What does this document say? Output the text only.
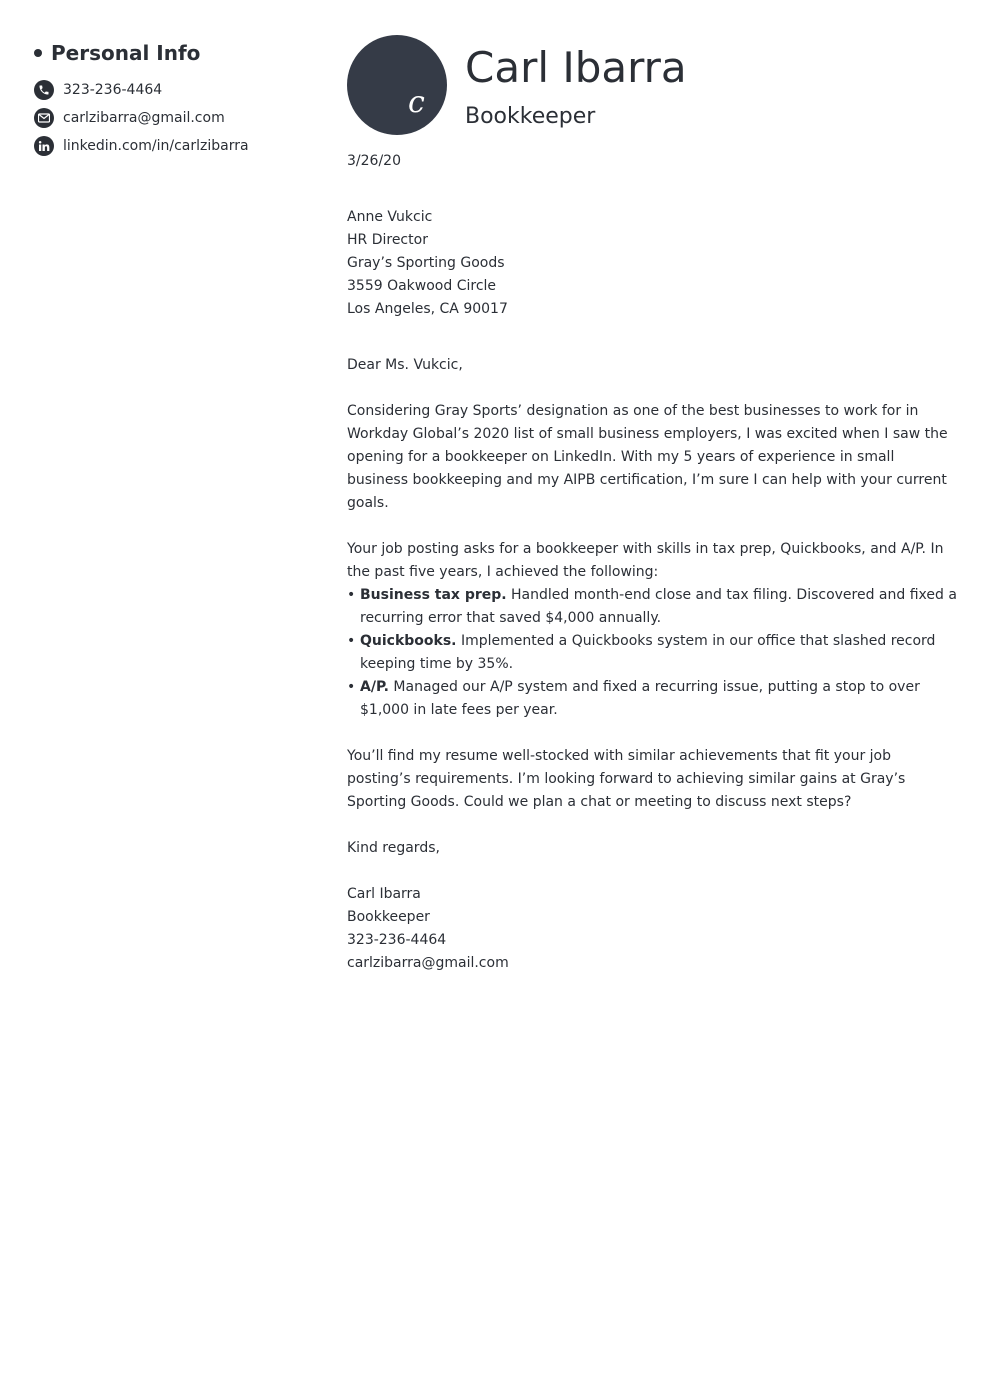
Personal Info
323-236-4464
carlzibarra@gmail.com
linkedin.com/in/carlzibarra
c
Carl Ibarra
Bookkeeper
3/26/20
Anne Vukcic
HR Director
Gray’s Sporting Goods
3559 Oakwood Circle
Los Angeles, CA 90017
Dear Ms. Vukcic,

Considering Gray Sports’ designation as one of the best businesses to work for in Workday Global’s 2020 list of small business employers, I was excited when I saw the opening for a bookkeeper on LinkedIn. With my 5 years of experience in small business bookkeeping and my AIPB certification, I’m sure I can help with your current goals.

Your job posting asks for a bookkeeper with skills in tax prep, Quickbooks, and A/P. In the past five years, I achieved the following:

• Business tax prep. Handled month-end close and tax filing. Discovered and fixed a recurring error that saved $4,000 annually.
• Quickbooks. Implemented a Quickbooks system in our office that slashed record keeping time by 35%.
• A/P. Managed our A/P system and fixed a recurring issue, putting a stop to over $1,000 in late fees per year.

You’ll find my resume well-stocked with similar achievements that fit your job posting’s requirements. I’m looking forward to achieving similar gains at Gray’s Sporting Goods. Could we plan a chat or meeting to discuss next steps?

Kind regards,
Carl Ibarra
Bookkeeper
323-236-4464
carlzibarra@gmail.com
